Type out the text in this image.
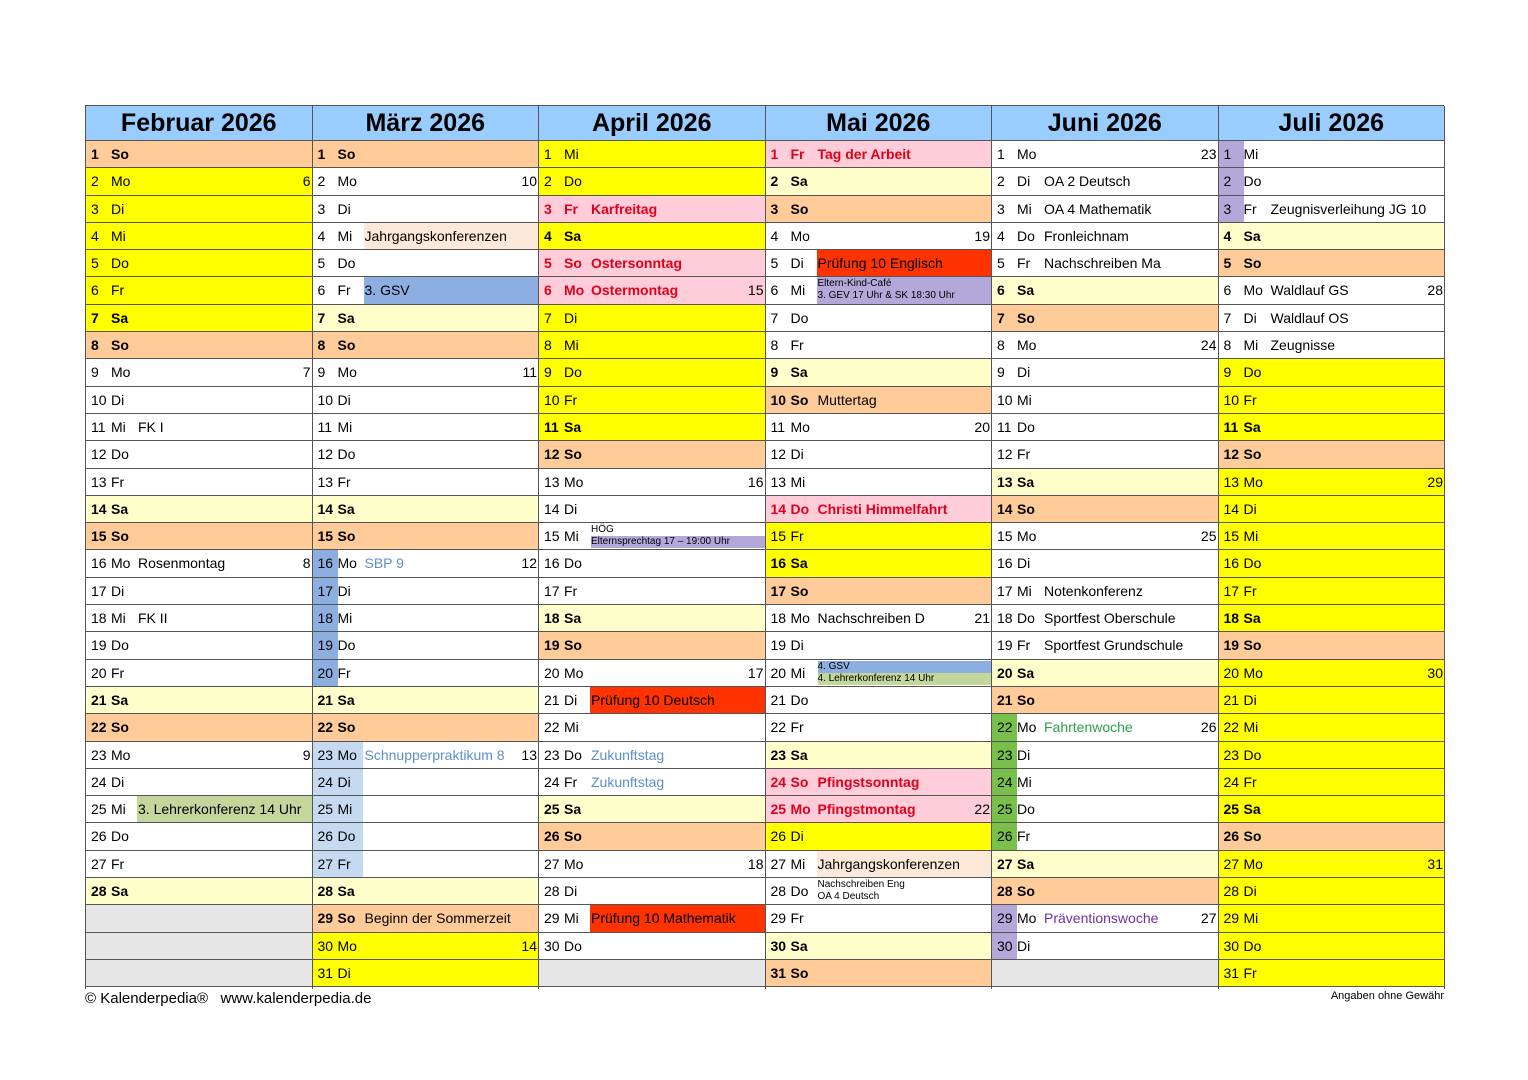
Februar 2026
1 So
2 Mo	6
3 Di
4 Mi
5 Do
6 Fr
7 Sa
8 So
9 Mo	7
10 Di
11 Mi FK I
12 Do
13 Fr
14 Sa
15 So
16 Mo Rosenmontag	8
17 Di
18 Mi FK II
19 Do
20 Fr
21 Sa
22 So
23 Mo	9
24 Di
25 Mi 3. Lehrerkonferenz 14 Uhr
26 Do
27 Fr
28 Sa
März 2026
1 So
2 Mo	10
3 Di
4 Mi Jahrgangskonferenzen
5 Do
6 Fr 3. GSV
7 Sa
8 So
9 Mo	11
10 Di
11 Mi
12 Do
13 Fr
14 Sa
15 So
16 Mo SBP 9	12
17 Di
18 Mi
19 Do
20 Fr
21 Sa
22 So
23 Mo Schnupperpraktikum 8	13
24 Di
25 Mi
26 Do
27 Fr
28 Sa
29 So Beginn der Sommerzeit
30 Mo	14
31 Di
April 2026
1 Mi
2 Do
3 Fr Karfreitag
4 Sa
5 So Ostersonntag
6 Mo Ostermontag	15
7 Di
8 Mi
9 Do
10 Fr
11 Sa
12 So
13 Mo	16
14 Di
15 Mi HÖG
Elternsprechtag 17 – 19:00 Uhr
16 Do
17 Fr
18 Sa
19 So
20 Mo	17
21 Di Prüfung 10 Deutsch
22 Mi
23 Do Zukunftstag
24 Fr Zukunftstag
25 Sa
26 So
27 Mo	18
28 Di
29 Mi Prüfung 10 Mathematik
30 Do
Mai 2026
1 Fr Tag der Arbeit
2 Sa
3 So
4 Mo	19
5 Di Prüfung 10 Englisch
6 Mi Eltern-Kind-Café
3. GEV 17 Uhr & SK 18:30 Uhr
7 Do
8 Fr
9 Sa
10 So Muttertag
11 Mo	20
12 Di
13 Mi
14 Do Christi Himmelfahrt
15 Fr
16 Sa
17 So
18 Mo Nachschreiben D	21
19 Di
20 Mi 4. GSV
4. Lehrerkonferenz 14 Uhr
21 Do
22 Fr
23 Sa
24 So Pfingstsonntag
25 Mo Pfingstmontag	22
26 Di
27 Mi Jahrgangskonferenzen
28 Do Nachschreiben Eng
OA 4 Deutsch
29 Fr
30 Sa
31 So
Juni 2026
1 Mo	23
2 Di OA 2 Deutsch
3 Mi OA 4 Mathematik
4 Do Fronleichnam
5 Fr Nachschreiben Ma
6 Sa
7 So
8 Mo	24
9 Di
10 Mi
11 Do
12 Fr
13 Sa
14 So
15 Mo	25
16 Di
17 Mi Notenkonferenz
18 Do Sportfest Oberschule
19 Fr Sportfest Grundschule
20 Sa
21 So
22 Mo Fahrtenwoche	26
23 Di
24 Mi
25 Do
26 Fr
27 Sa
28 So
29 Mo Präventionswoche	27
30 Di
Juli 2026
1 Mi
2 Do
3 Fr Zeugnisverleihung JG 10
4 Sa
5 So
6 Mo Waldlauf GS	28
7 Di Waldlauf OS
8 Mi Zeugnisse
9 Do
10 Fr
11 Sa
12 So
13 Mo	29
14 Di
15 Mi
16 Do
17 Fr
18 Sa
19 So
20 Mo	30
21 Di
22 Mi
23 Do
24 Fr
25 Sa
26 So
27 Mo	31
28 Di
29 Mi
30 Do
31 Fr
© Kalenderpedia®   www.kalenderpedia.de	Angaben ohne Gewähr
